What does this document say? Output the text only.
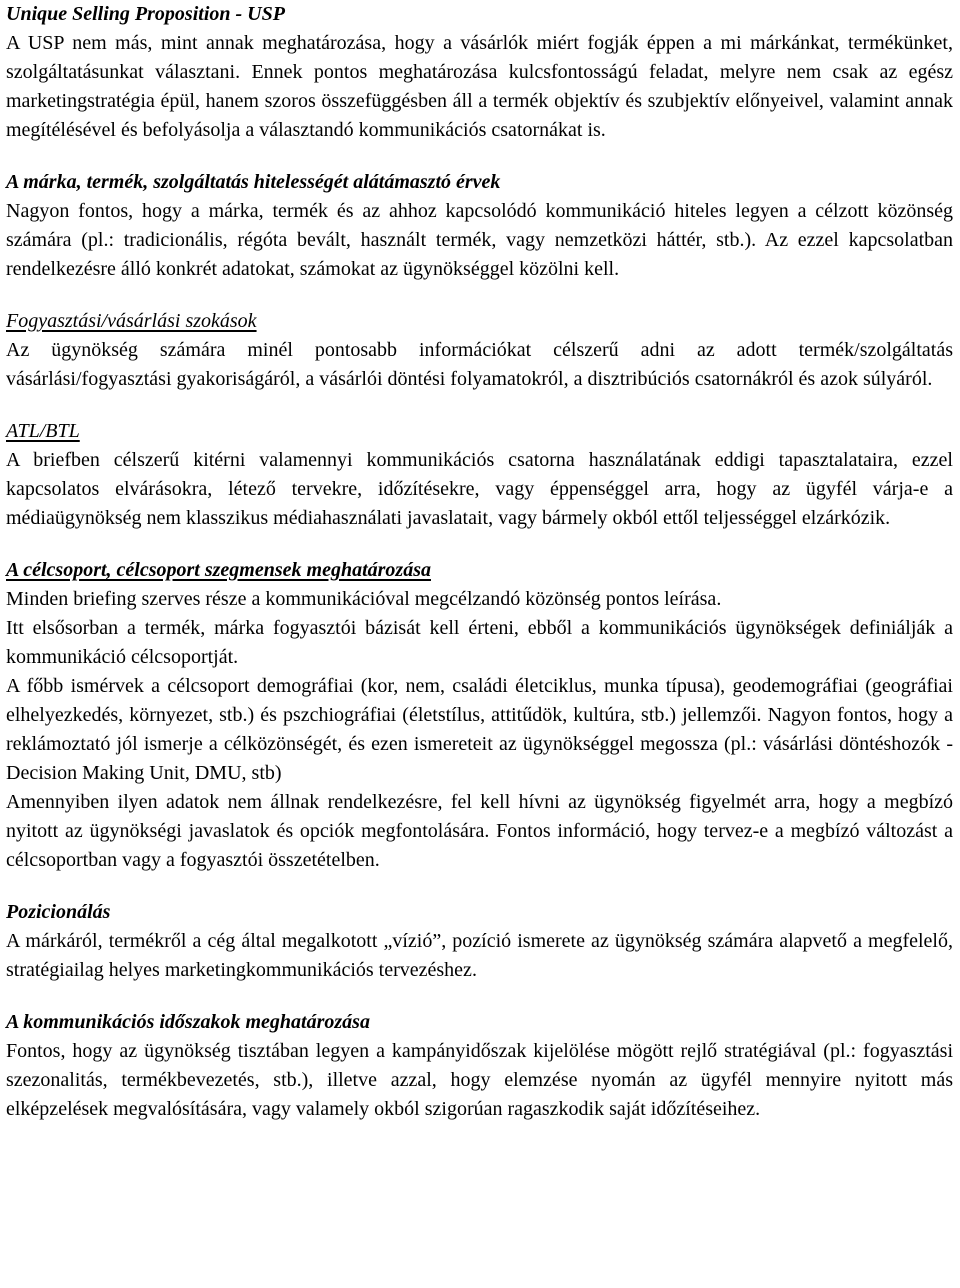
Unique Selling Proposition - USP

A USP nem más, mint annak meghatározása, hogy a vásárlók miért fogják éppen a mi márkánkat, termékünket, szolgáltatásunkat választani. Ennek pontos meghatározása kulcsfontosságú feladat, melyre nem csak az egész marketingstratégia épül, hanem szoros összefüggésben áll a termék objektív és szubjektív előnyeivel, valamint annak megítélésével és befolyásolja a választandó kommunikációs csatornákat is.

A márka, termék, szolgáltatás hitelességét alátámasztó érvek

Nagyon fontos, hogy a márka, termék és az ahhoz kapcsolódó kommunikáció hiteles legyen a célzott közönség számára (pl.: tradicionális, régóta bevált, használt termék, vagy nemzetközi háttér, stb.). Az ezzel kapcsolatban rendelkezésre álló konkrét adatokat, számokat az ügynökséggel közölni kell.

Fogyasztási/vásárlási szokások

Az ügynökség számára minél pontosabb információkat célszerű adni az adott termék/szolgáltatás vásárlási/fogyasztási gyakoriságáról, a vásárlói döntési folyamatokról, a disztribúciós csatornákról és azok súlyáról.

ATL/BTL

A briefben célszerű kitérni valamennyi kommunikációs csatorna használatának eddigi tapasztalataira, ezzel kapcsolatos elvárásokra, létező tervekre, időzítésekre, vagy éppenséggel arra, hogy az ügyfél várja-e a médiaügynökség nem klasszikus médiahasználati javaslatait, vagy bármely okból ettől teljességgel elzárkózik.

A célcsoport, célcsoport szegmensek meghatározása

Minden briefing szerves része a kommunikációval megcélzandó közönség pontos leírása.

Itt elsősorban a termék, márka fogyasztói bázisát kell érteni, ebből a kommunikációs ügynökségek definiálják a kommunikáció célcsoportját.

A főbb ismérvek a célcsoport demográfiai (kor, nem, családi életciklus, munka típusa), geodemográfiai (geográfiai elhelyezkedés, környezet, stb.) és pszchiográfiai (életstílus, attitűdök, kultúra, stb.) jellemzői. Nagyon fontos, hogy a reklámoztató jól ismerje a célközönségét, és ezen ismereteit az ügynökséggel megossza (pl.: vásárlási döntéshozók - Decision Making Unit, DMU, stb)

Amennyiben ilyen adatok nem állnak rendelkezésre, fel kell hívni az ügynökség figyelmét arra, hogy a megbízó nyitott az ügynökségi javaslatok és opciók megfontolására. Fontos információ, hogy tervez-e a megbízó változást a célcsoportban vagy a fogyasztói összetételben.

Pozicionálás

A márkáról, termékről a cég által megalkotott „vízió”, pozíció ismerete az ügynökség számára alapvető a megfelelő, stratégiailag helyes marketingkommunikációs tervezéshez.

A kommunikációs időszakok meghatározása

Fontos, hogy az ügynökség tisztában legyen a kampányidőszak kijelölése mögött rejlő stratégiával (pl.: fogyasztási szezonalitás, termékbevezetés, stb.), illetve azzal, hogy elemzése nyomán az ügyfél mennyire nyitott más elképzelések megvalósítására, vagy valamely okból szigorúan ragaszkodik saját időzítéseihez.
